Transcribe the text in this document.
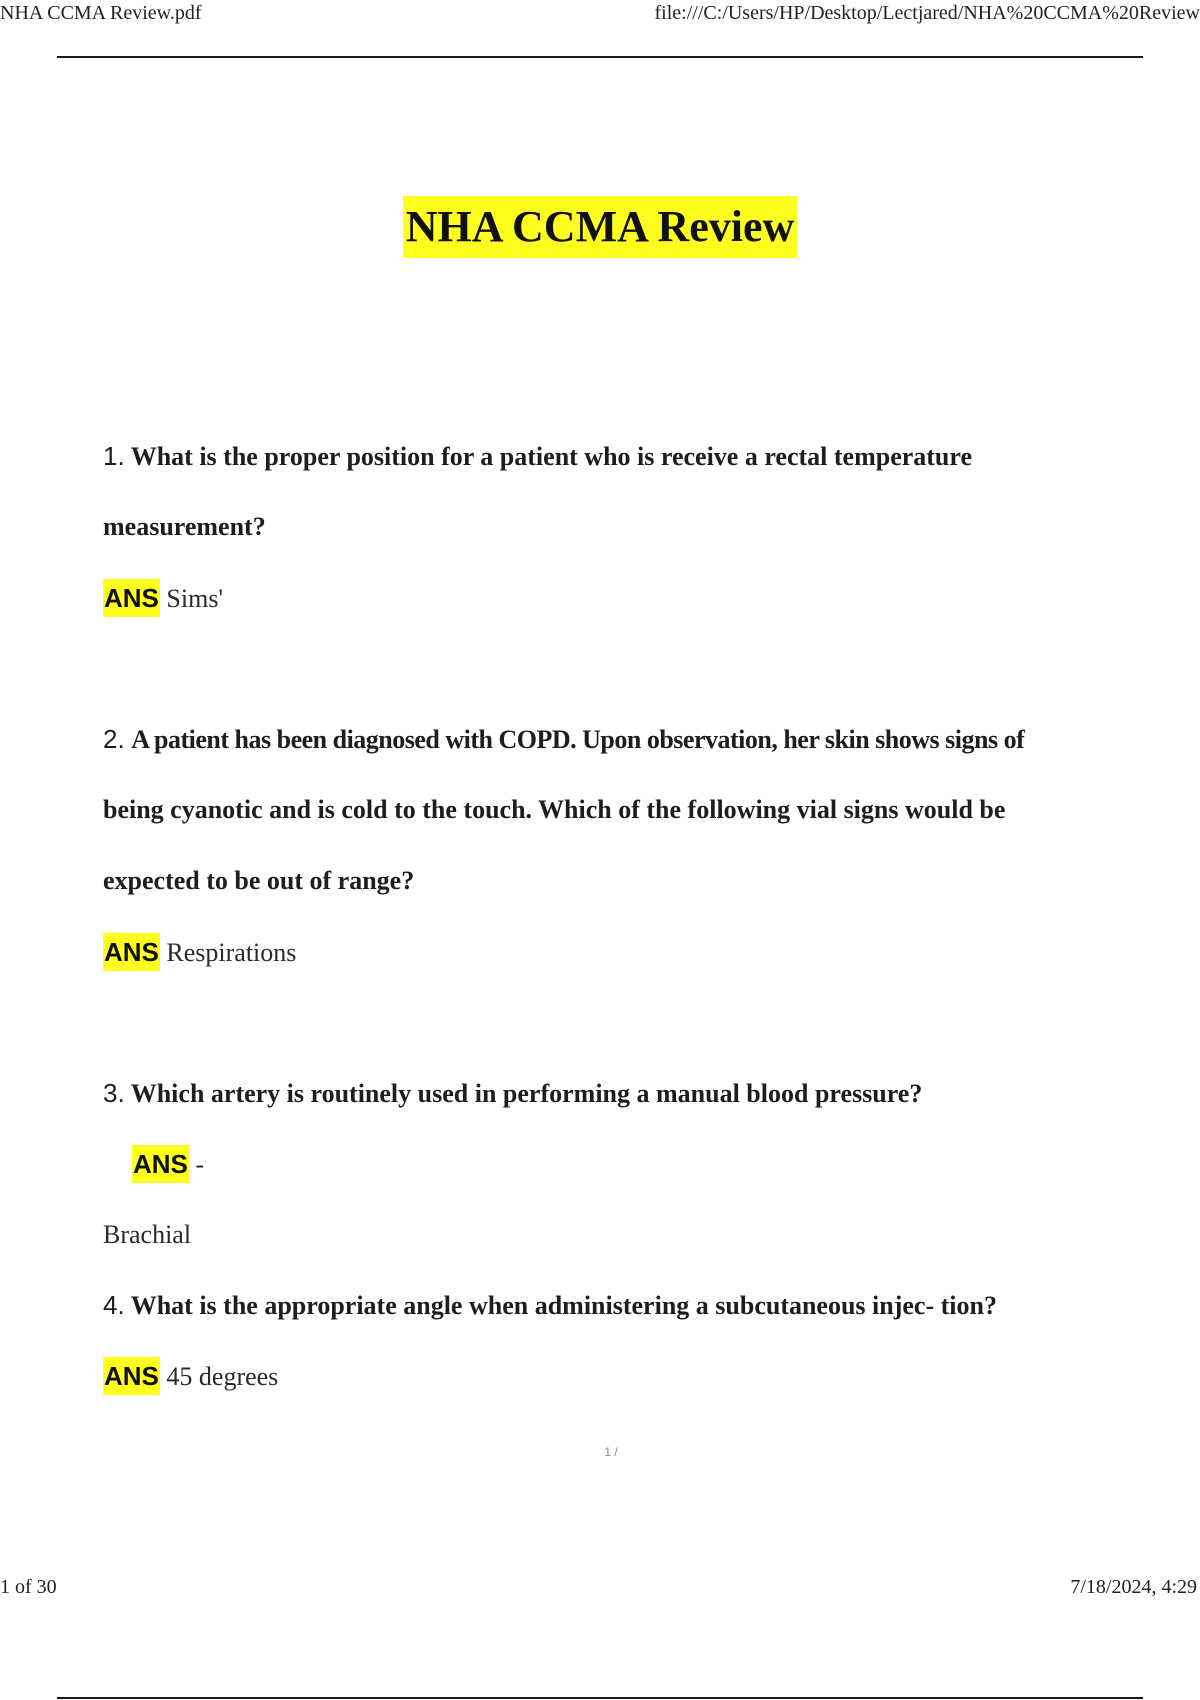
NHA CCMA Review.pdf	file:///C:/Users/HP/Desktop/Lectjared/NHA%20CCMA%20Review
NHA CCMA Review
1. What is the proper position for a patient who is receive a rectal temperature
measurement?
ANS Sims'
2. A patient has been diagnosed with COPD. Upon observation, her skin shows signs of
being cyanotic and is cold to the touch. Which of the following vial signs would be
expected to be out of range?
ANS Respirations
3. Which artery is routinely used in performing a manual blood pressure?
ANS -
Brachial
4. What is the appropriate angle when administering a subcutaneous injec- tion?
ANS 45 degrees
1 /
1 of 30	7/18/2024, 4:29
